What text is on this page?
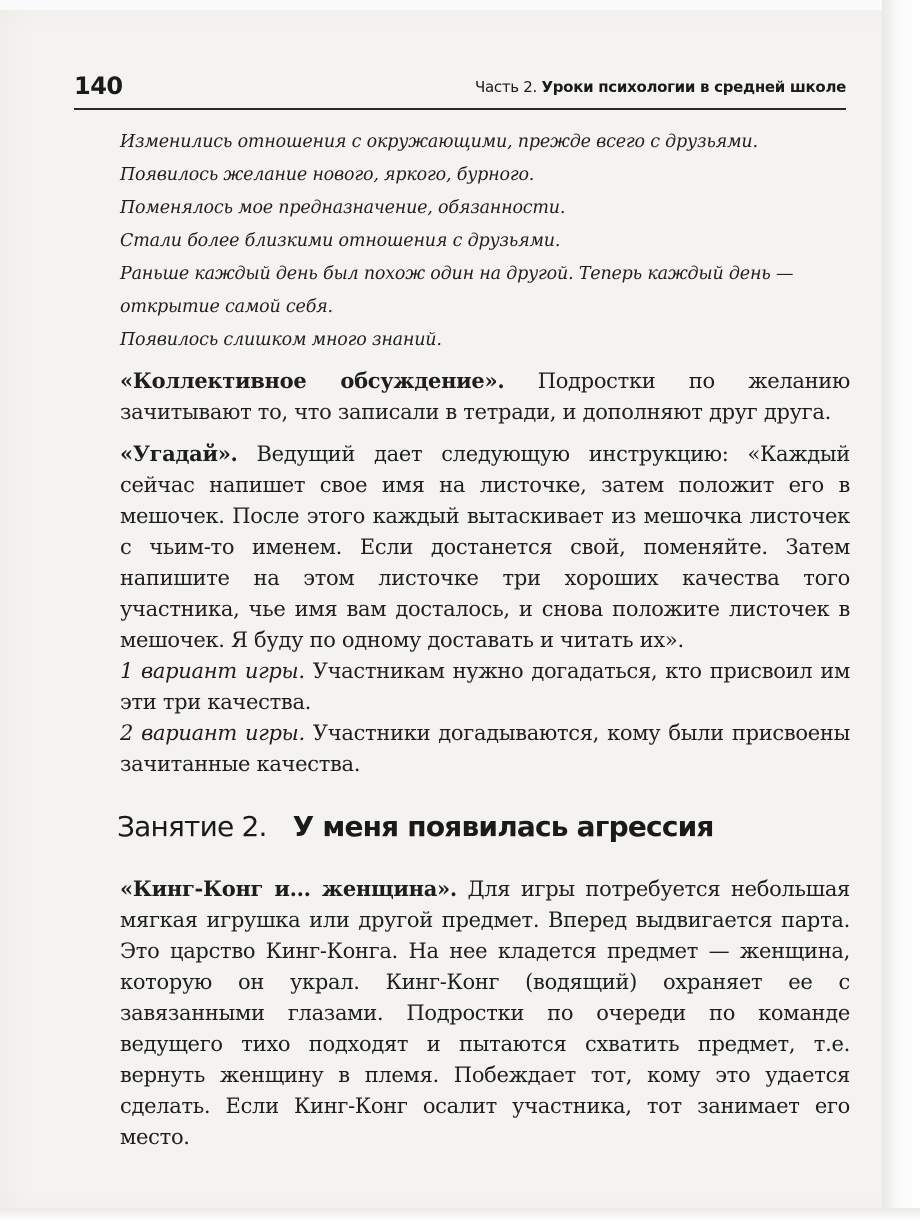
140	Часть 2. Уроки психологии в средней школе

Изменились отношения с окружающими, прежде всего с друзьями.

Появилось желание нового, яркого, бурного.

Поменялось мое предназначение, обязанности.

Стали более близкими отношения с друзьями.

Раньше каждый день был похож один на другой. Теперь каждый день — открытие самой себя.

Появилось слишком много знаний.

«Коллективное обсуждение». Подростки по желанию зачитывают то, что записали в тетради, и дополняют друг друга.

«Угадай». Ведущий дает следующую инструкцию: «Каждый сейчас напишет свое имя на листочке, затем положит его в мешочек. После этого каждый вытаскивает из мешочка листочек с чьим-то именем. Если достанется свой, поменяйте. Затем напишите на этом листочке три хороших качества того участника, чье имя вам досталось, и снова положите листочек в мешочек. Я буду по одному доставать и читать их».

1 вариант игры. Участникам нужно догадаться, кто присвоил им эти три качества.

2 вариант игры. Участники догадываются, кому были присвоены зачитанные качества.

Занятие 2. У меня появилась агрессия

«Кинг-Конг и... женщина». Для игры потребуется небольшая мягкая игрушка или другой предмет. Вперед выдвигается парта. Это царство Кинг-Конга. На нее кладется предмет — женщина, которую он украл. Кинг-Конг (водящий) охраняет ее с завязанными глазами. Подростки по очереди по команде ведущего тихо подходят и пытаются схватить предмет, т.е. вернуть женщину в племя. Побеждает тот, кому это удается сделать. Если Кинг-Конг осалит участника, тот занимает его место.
